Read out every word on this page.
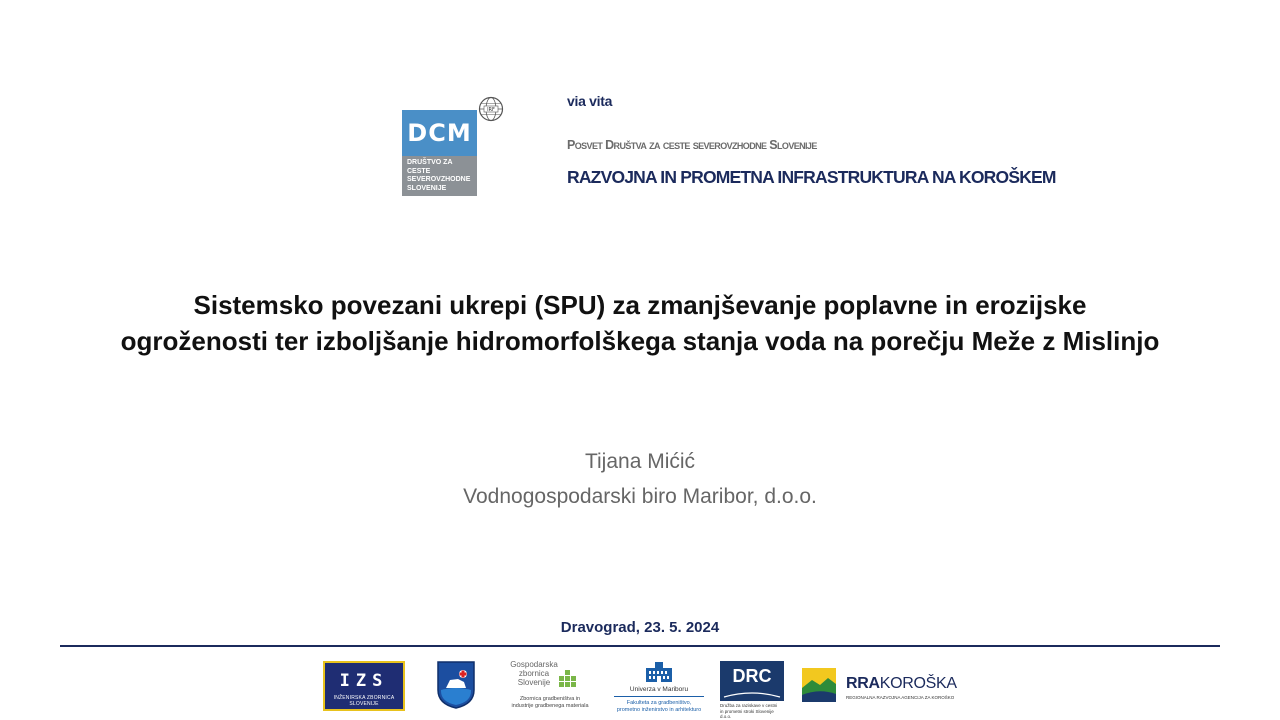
DCM
DRUŠTVO ZA CESTE
SEVEROVZHODNE
SLOVENIJE
IRF
via vita
Posvet Društva za ceste severovzhodne Slovenije
RAZVOJNA IN PROMETNA INFRASTRUKTURA NA KOROŠKEM
Sistemsko povezani ukrepi (SPU) za zmanjševanje poplavne in erozijske ogroženosti ter izboljšanje hidromorfolškega stanja voda na porečju Meže z Mislinjo
Tijana Mićić
Vodnogospodarski biro Maribor, d.o.o.
Dravograd, 23. 5. 2024
IZS
INŽENIRSKA ZBORNICA SLOVENIJE
Gospodarska
zbornica
Slovenije
Zbornica gradbeništva in
industrije gradbenega materiala
Univerza v Mariboru
Fakulteta za gradbeništvo,
prometno inženirstvo in arhitekturo
DRC
Družba za raziskave v cestni
in prometni stroki Slovenije d.o.o.
RRAKOROŠKA
REGIONALNA RAZVOJNA AGENCIJA ZA KOROŠKO
